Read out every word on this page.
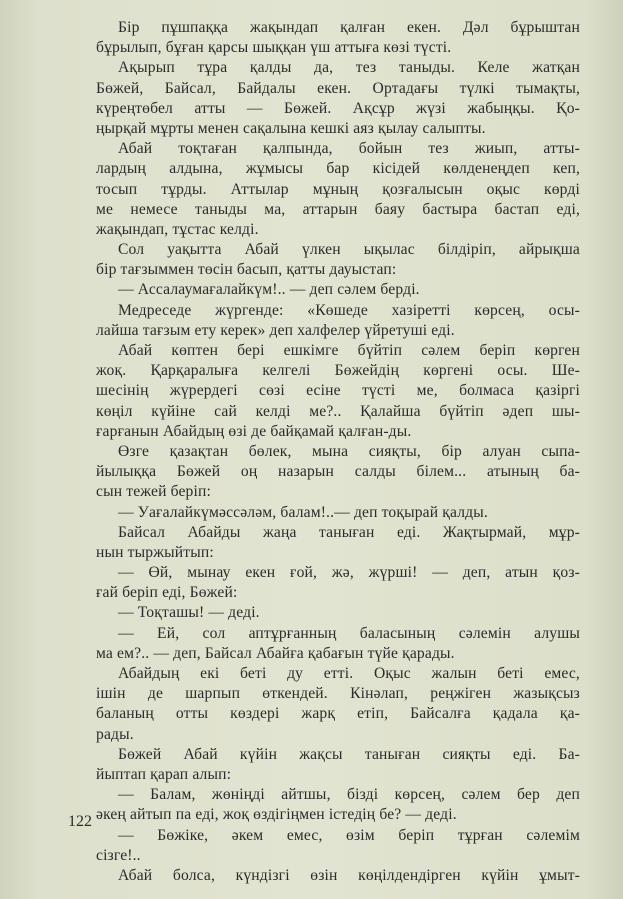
Бір пұшпаққа жақындап қалған екен. Дәл бұрыштан
бұрылып, бұған қарсы шыққан үш аттыға көзі түсті.
Ақырып тұра қалды да, тез таныды. Келе жатқан
Бөжей, Байсал, Байдалы екен. Ортадағы түлкі тымақты,
күреңтөбел атты — Бөжей. Ақсұр жүзі жабыңқы. Қо-
ңырқай мұрты менен сақалына кешкі аяз қылау салыпты.
Абай тоқтаған қалпында, бойын тез жиып, атты-
лардың алдына, жұмысы бар кісідей көлденеңдеп кеп,
тосып тұрды. Аттылар мұның қозғалысын оқыс көрді
ме немесе таныды ма, аттарын баяу бастыра бастап еді,
жақындап, тұстас келді.
Сол уақытта Абай үлкен ықылас білдіріп, айрықша
бір тағзыммен төсін басып, қатты дауыстап:
— Ассалаумағалайкүм!.. — деп сәлем берді.
Медреседе жүргенде: «Көшеде хазіретті көрсең, осы-
лайша тағзым ету керек» деп халфелер үйретуші еді.
Абай көптен бері ешкімге бүйтіп сәлем беріп көрген
жоқ. Қарқаралыға келгелі Бөжейдің көргені осы. Ше-
шесінің жүрердегі сөзі есіне түсті ме, болмаса қазіргі
көңіл күйіне сай келді ме?.. Қалайша бүйтіп әдеп шы-
ғарғанын Абайдың өзі де байқамай қалған-ды.
Өзге қазақтан бөлек, мына сияқты, бір алуан сыпа-
йылыққа Бөжей оң назарын салды білем... атының ба-
сын тежей беріп:
— Уағалайкүмәссәләм, балам!..— деп тоқырай қалды.
Байсал Абайды жаңа таныған еді. Жақтырмай, мұр-
нын тыржыйтып:
— Өй, мынау екен ғой, жә, жүрші! — деп, атын қоз-
ғай беріп еді, Бөжей:
— Тоқташы! — деді.
— Ей, сол аптұрғанның баласының сәлемін алушы
ма ем?.. — деп, Байсал Абайға қабағын түйе қарады.
Абайдың екі беті ду етті. Оқыс жалын беті емес,
ішін де шарпып өткендей. Кінәлап, реңжіген жазықсыз
баланың отты көздері жарқ етіп, Байсалға қадала қа-
рады.
Бөжей Абай күйін жақсы таныған сияқты еді. Ба-
йыптап қарап алып:
— Балам, жөніңді айтшы, бізді көрсең, сәлем бер деп
әкең айтып па еді, жоқ өздігіңмен істедің бе? — деді.
— Бөжіке, әкем емес, өзім беріп тұрған сәлемім
сізге!..
Абай болса, күндізгі өзін көңілдендірген күйін ұмыт-
122
